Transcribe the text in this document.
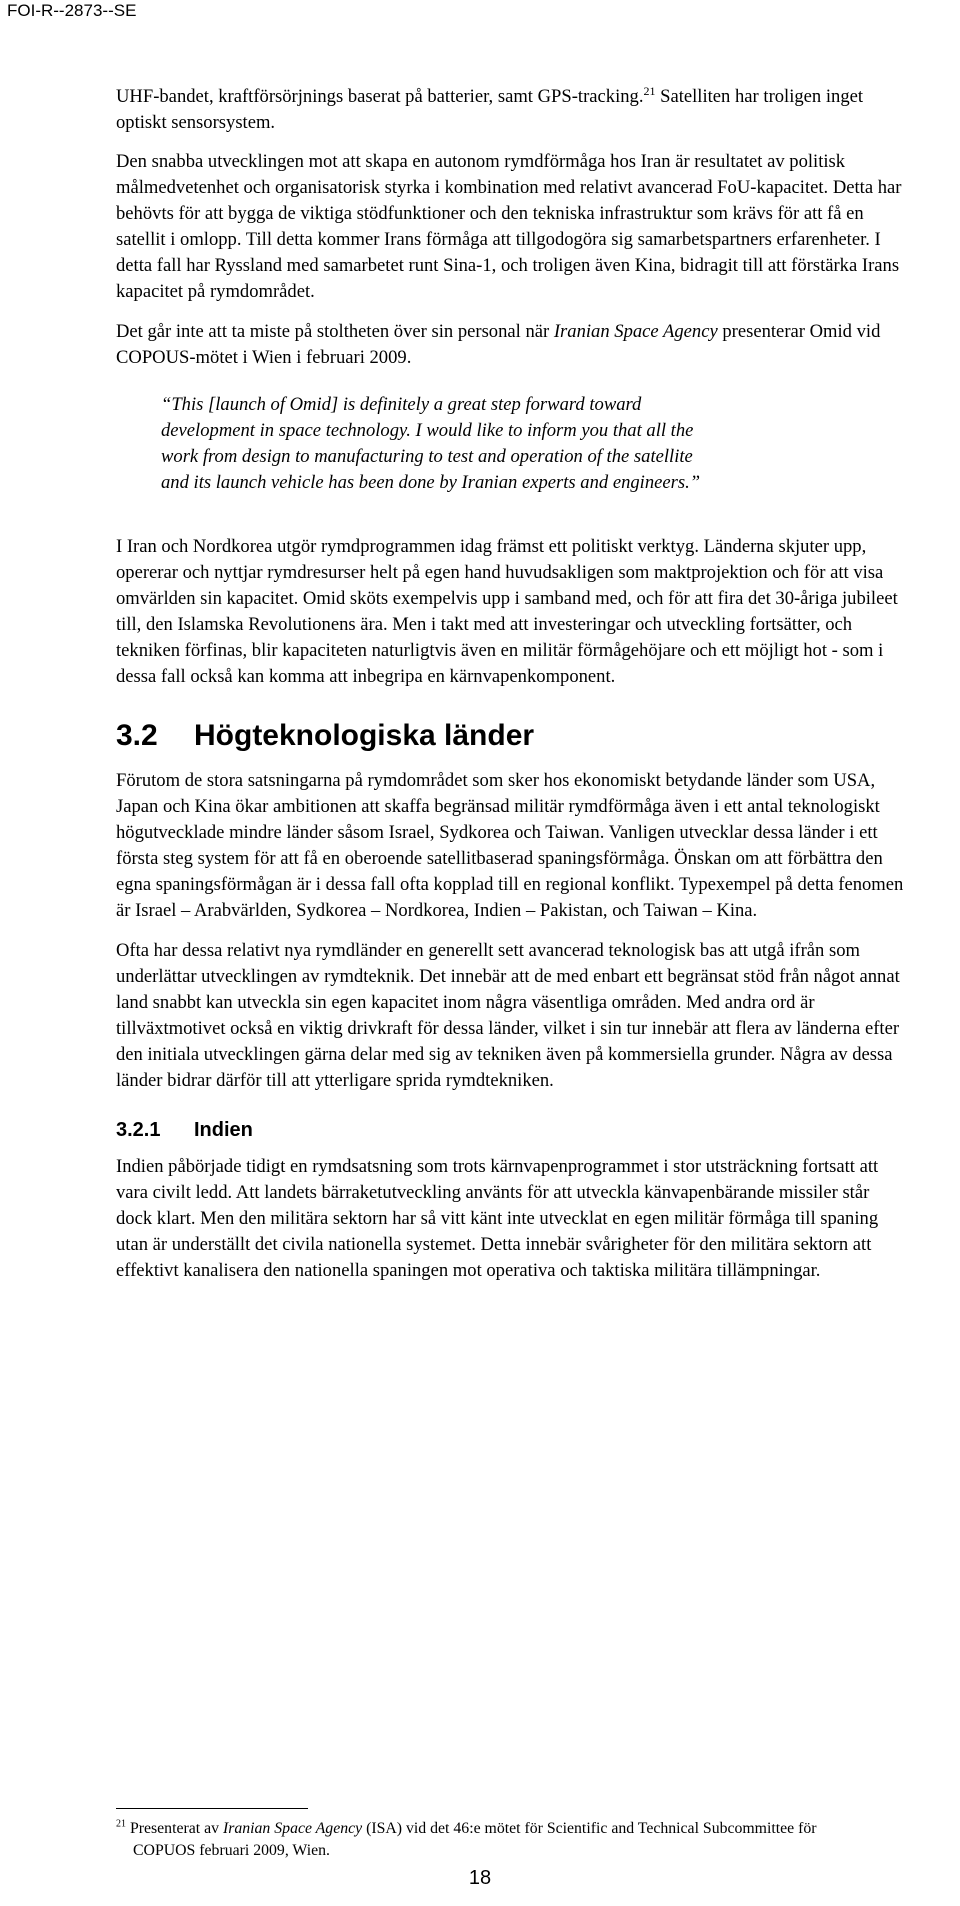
FOI-R--2873--SE

UHF-bandet, kraftförsörjnings baserat på batterier, samt GPS-tracking.$^{21}$ Satelliten har troligen inget optiskt sensorsystem.

Den snabba utvecklingen mot att skapa en autonom rymdförmåga hos Iran är resultatet av politisk målmedvetenhet och organisatorisk styrka i kombination med relativt avancerad FoU-kapacitet. Detta har behövts för att bygga de viktiga stödfunktioner och den tekniska infrastruktur som krävs för att få en satellit i omlopp. Till detta kommer Irans förmåga att tillgodogöra sig samarbetspartners erfarenheter. I detta fall har Ryssland med samarbetet runt Sina-1, och troligen även Kina, bidragit till att förstärka Irans kapacitet på rymdområdet.

Det går inte att ta miste på stoltheten över sin personal när Iranian Space Agency presenterar Omid vid COPOUS-mötet i Wien i februari 2009.

“This [launch of Omid] is definitely a great step forward toward
development in space technology. I would like to inform you that all the
work from design to manufacturing to test and operation of the satellite
and its launch vehicle has been done by Iranian experts and engineers.”

I Iran och Nordkorea utgör rymdprogrammen idag främst ett politiskt verktyg. Länderna skjuter upp, opererar och nyttjar rymdresurser helt på egen hand huvudsakligen som maktprojektion och för att visa omvärlden sin kapacitet. Omid sköts exempelvis upp i samband med, och för att fira det 30-åriga jubileet till, den Islamska Revolutionens ära. Men i takt med att investeringar och utveckling fortsätter, och tekniken förfinas, blir kapaciteten naturligtvis även en militär förmågehöjare och ett möjligt hot - som i dessa fall också kan komma att inbegripa en kärnvapenkomponent.

3.2 Högteknologiska länder

Förutom de stora satsningarna på rymdområdet som sker hos ekonomiskt betydande länder som USA, Japan och Kina ökar ambitionen att skaffa begränsad militär rymdförmåga även i ett antal teknologiskt högutvecklade mindre länder såsom Israel, Sydkorea och Taiwan. Vanligen utvecklar dessa länder i ett första steg system för att få en oberoende satellitbaserad spaningsförmåga. Önskan om att förbättra den egna spaningsförmågan är i dessa fall ofta kopplad till en regional konflikt. Typexempel på detta fenomen är Israel – Arabvärlden, Sydkorea – Nordkorea, Indien – Pakistan, och Taiwan – Kina.

Ofta har dessa relativt nya rymdländer en generellt sett avancerad teknologisk bas att utgå ifrån som underlättar utvecklingen av rymdteknik. Det innebär att de med enbart ett begränsat stöd från något annat land snabbt kan utveckla sin egen kapacitet inom några väsentliga områden. Med andra ord är tillväxtmotivet också en viktig drivkraft för dessa länder, vilket i sin tur innebär att flera av länderna efter den initiala utvecklingen gärna delar med sig av tekniken även på kommersiella grunder. Några av dessa länder bidrar därför till att ytterligare sprida rymdtekniken.

3.2.1 Indien

Indien påbörjade tidigt en rymdsatsning som trots kärnvapenprogrammet i stor utsträckning fortsatt att vara civilt ledd. Att landets bärraketutveckling använts för att utveckla känvapenbärande missiler står dock klart. Men den militära sektorn har så vitt känt inte utvecklat en egen militär förmåga till spaning utan är underställt det civila nationella systemet. Detta innebär svårigheter för den militära sektorn att effektivt kanalisera den nationella spaningen mot operativa och taktiska militära tillämpningar.

$^{21}$ Presenterat av Iranian Space Agency (ISA) vid det 46:e mötet för Scientific and Technical Subcommittee för
COPUOS februari 2009, Wien.
18
